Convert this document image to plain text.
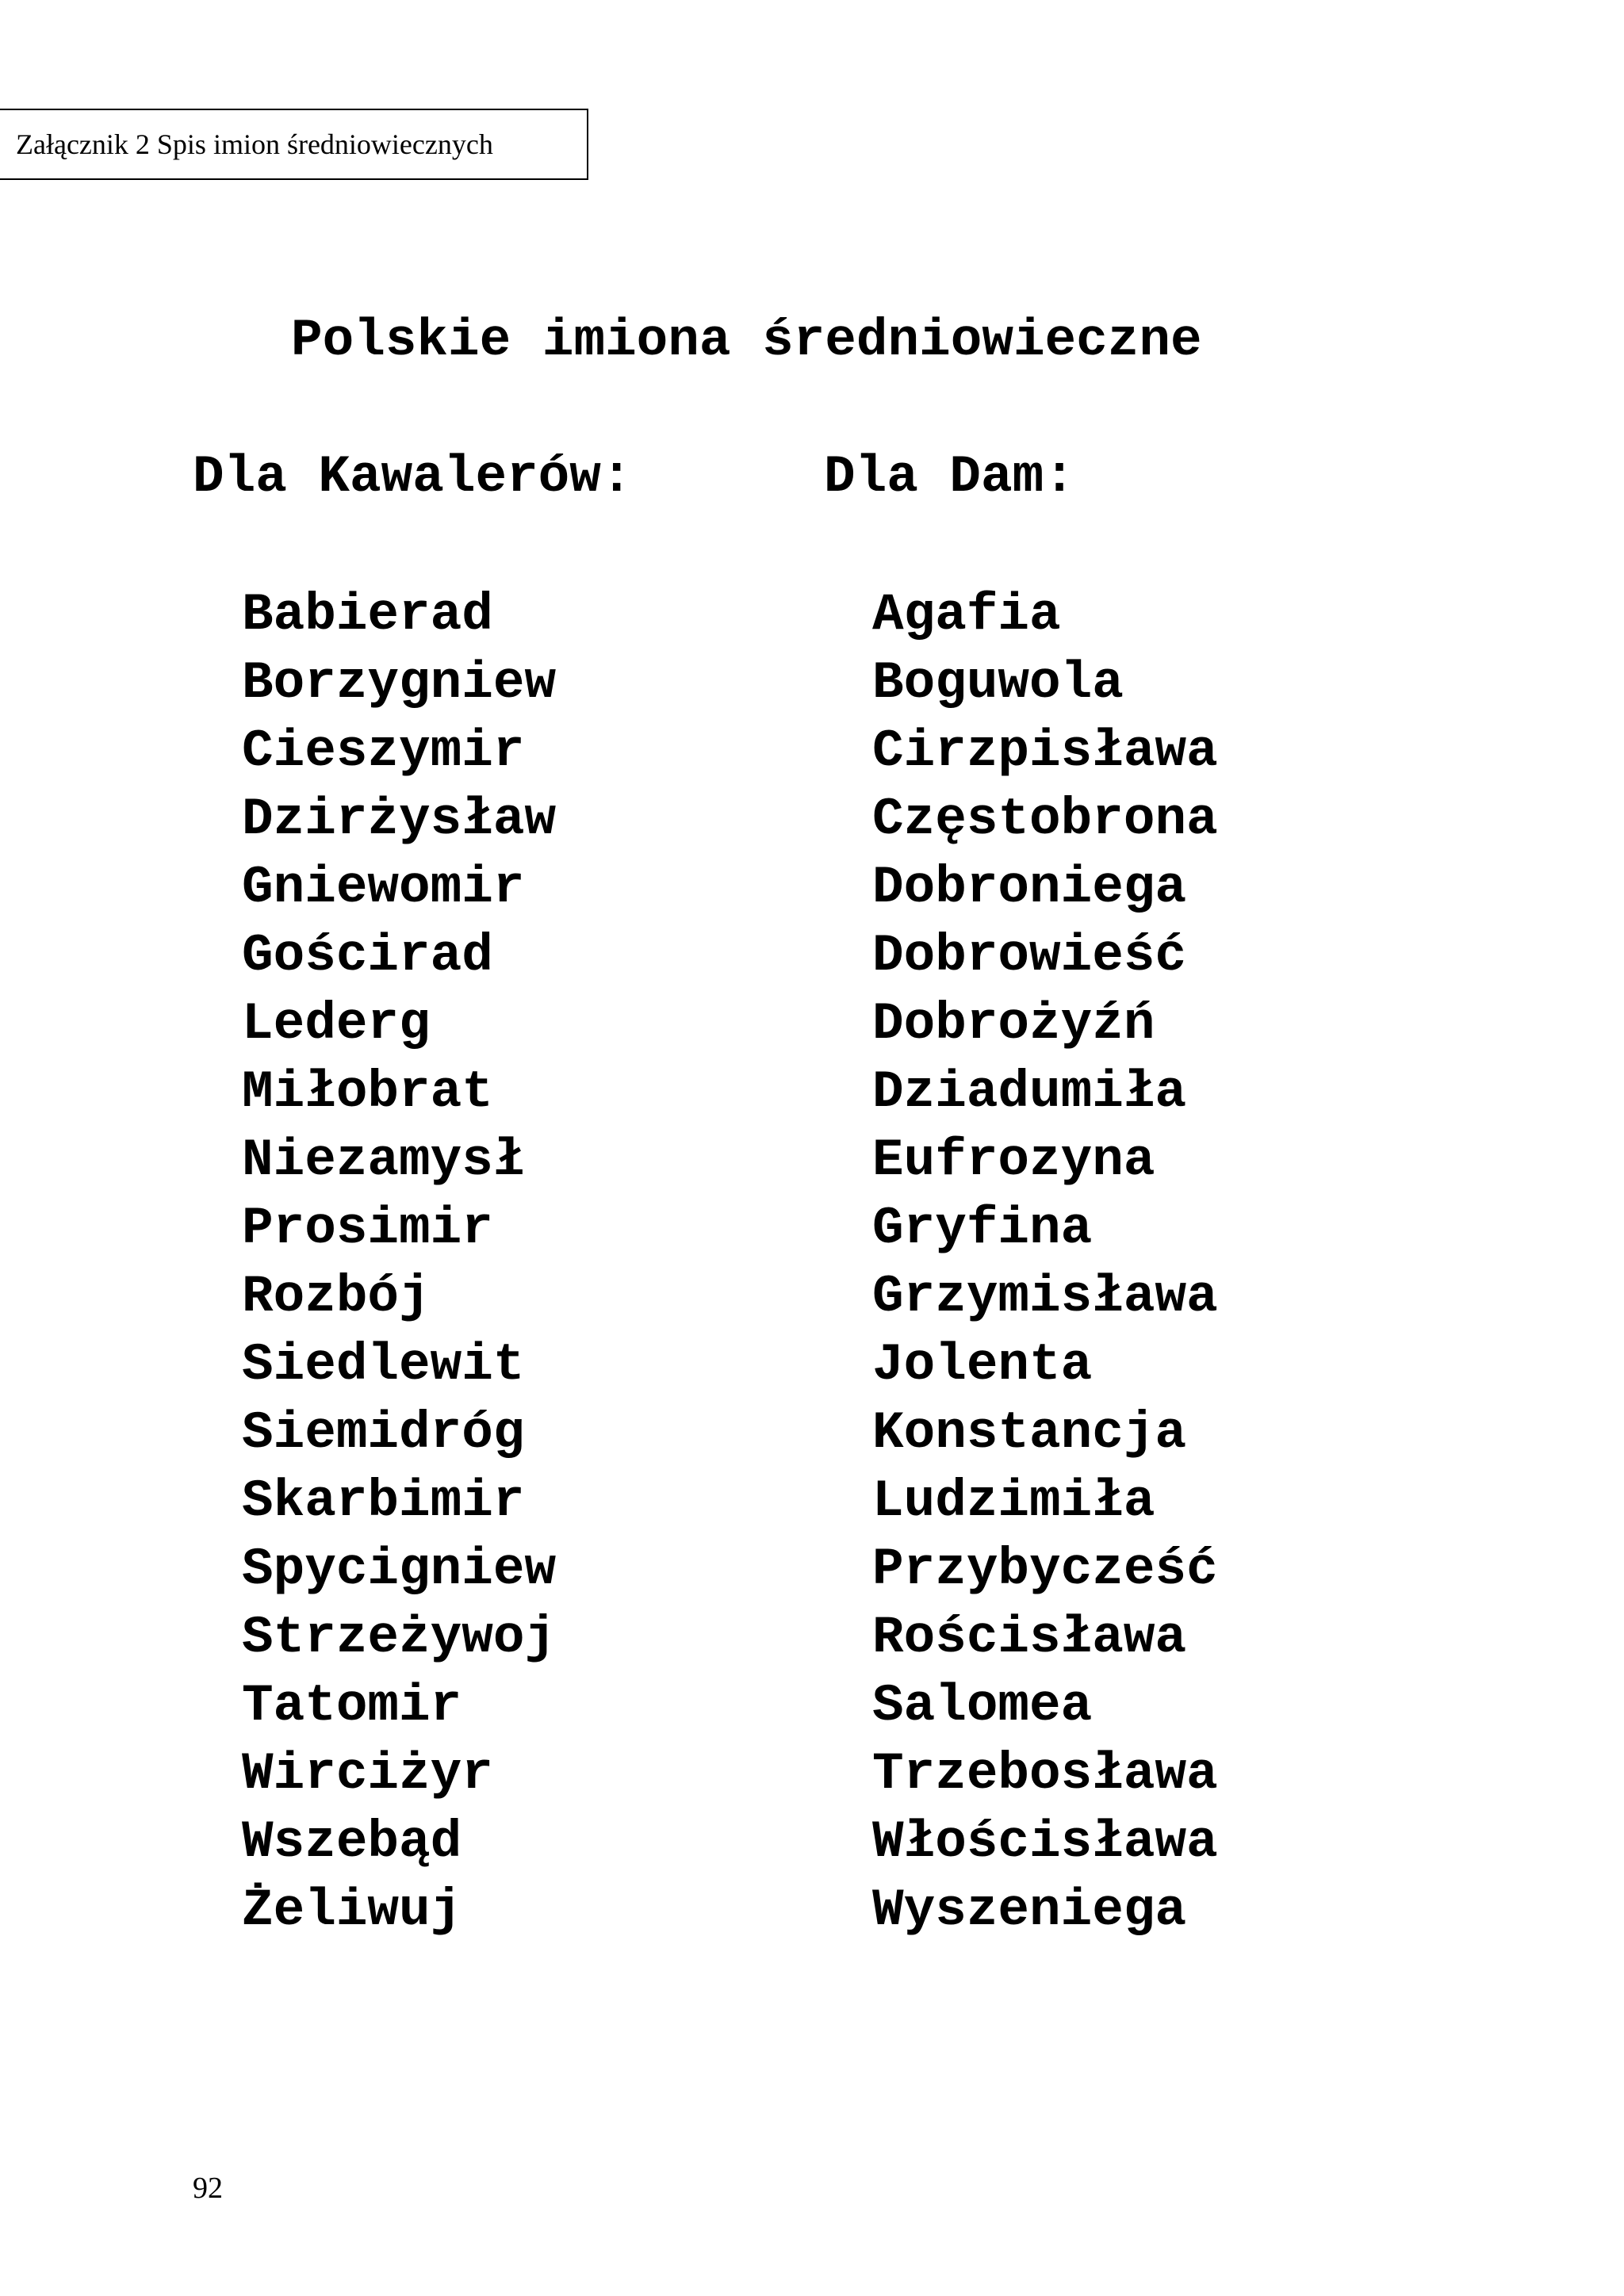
Załącznik 2 Spis imion średniowiecznych
Polskie imiona średniowieczne
Dla Kawalerów:	Dla Dam:
Babierad
Borzygniew
Cieszymir
Dzirżysław
Gniewomir
Gościrad
Lederg
Miłobrat
Niezamysł
Prosimir
Rozbój
Siedlewit
Siemidróg
Skarbimir
Spycigniew
Strzeżywoj
Tatomir
Wirciżyr
Wszebąd
Żeliwuj
Agafia
Boguwola
Cirzpisława
Częstobrona
Dobroniega
Dobrowieść
Dobrożyźń
Dziadumiła
Eufrozyna
Gryfina
Grzymisława
Jolenta
Konstancja
Ludzimiła
Przybycześć
Rościsława
Salomea
Trzebosława
Włościsława
Wyszeniega
92
